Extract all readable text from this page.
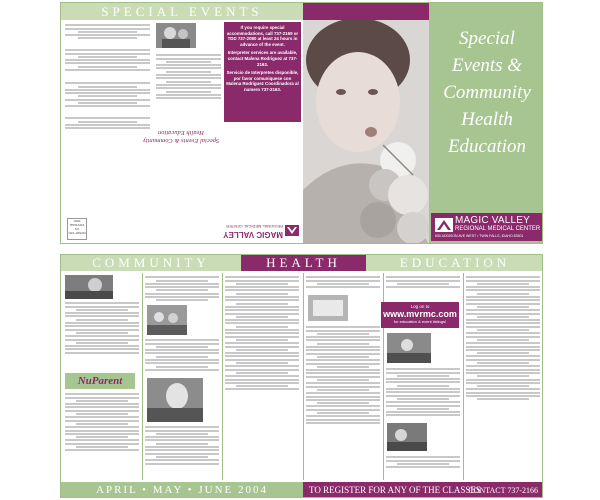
SPECIAL EVENTS

If you require special accommodations, call 737-2169 or TDD 737-2080 at least 24 hours in advance of the event.

Interpreter services are available, contact Malena Rodriguez at 737-2163.

Servicio de Interpretes disponible, por favor comuniquese con Malena Rodriguez Coordinadora al numero 737-2163.

Special Events & Community Health Education
MAGIC VALLEY
REGIONAL MEDICAL CENTER
PRSRT STD US POSTAGE PAID
Special
Events &
Community
Health
Education
MAGIC VALLEY
REGIONAL MEDICAL CENTER
650 ADDISON AVE WEST • TWIN FALLS, IDAHO 83301
COMMUNITY	HEALTH	EDUCATION
NuParent
Log on to
www.mvrmc.com
for education & event listings!
APRIL • MAY • JUNE 2004	TO REGISTER FOR ANY OF THE CLASSES
CONTACT 737-2166
